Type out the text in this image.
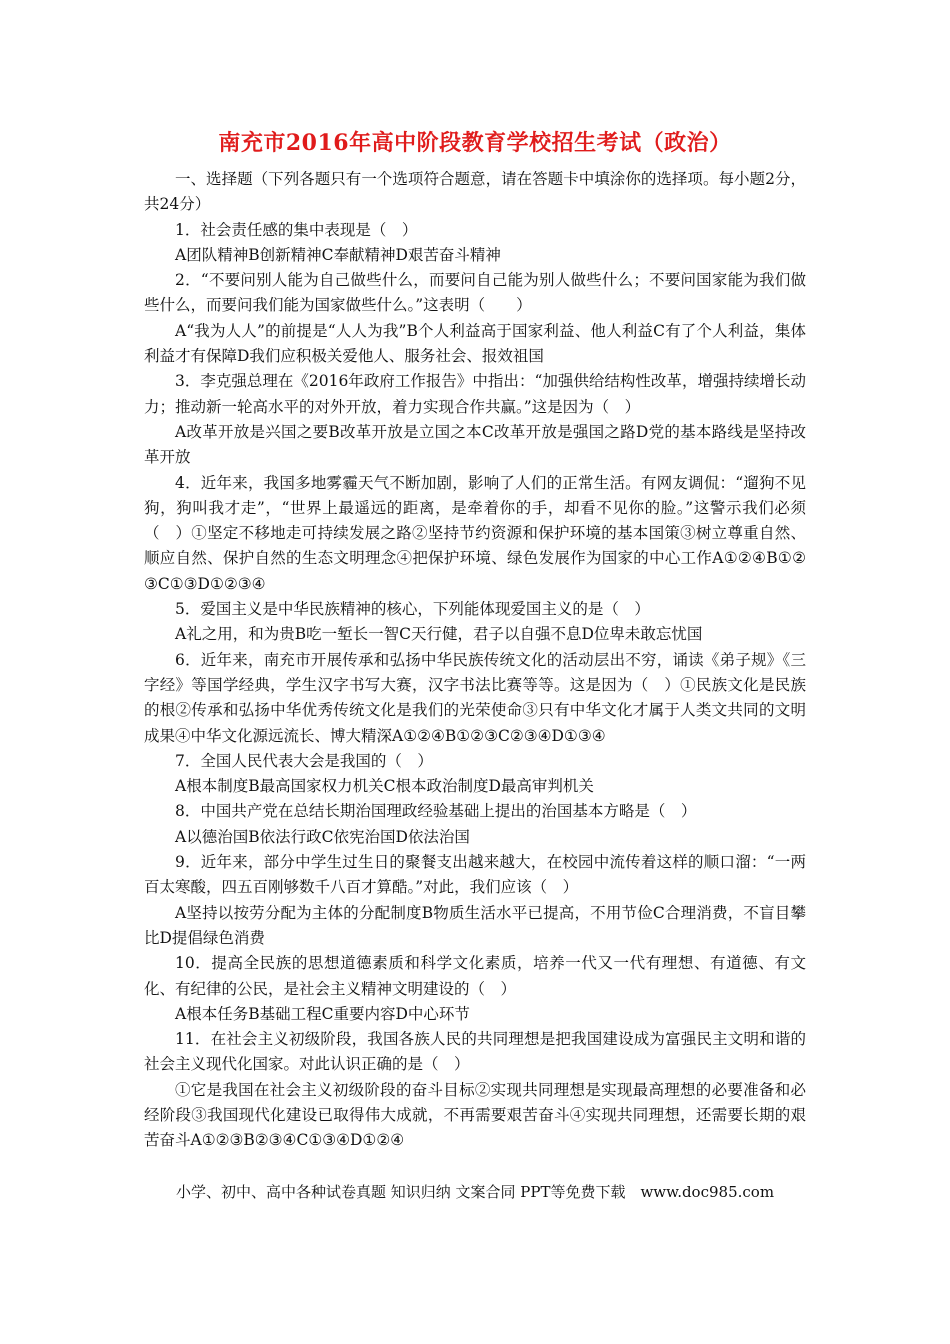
南充市2016年高中阶段教育学校招生考试（政治）

一、选择题（下列各题只有一个选项符合题意，请在答题卡中填涂你的选择项。每小题2分，共24分）

1．社会责任感的集中表现是（　）

A团队精神B创新精神C奉献精神D艰苦奋斗精神

2．“不要问别人能为自己做些什么，而要问自己能为别人做些什么；不要问国家能为我们做些什么，而要问我们能为国家做些什么。”这表明（　　）

A“我为人人”的前提是“人人为我”B个人利益高于国家利益、他人利益C有了个人利益，集体利益才有保障D我们应积极关爱他人、服务社会、报效祖国

3．李克强总理在《2016年政府工作报告》中指出：“加强供给结构性改革，增强持续增长动力；推动新一轮高水平的对外开放，着力实现合作共赢。”这是因为（　）

A改革开放是兴国之要B改革开放是立国之本C改革开放是强国之路D党的基本路线是坚持改革开放

4．近年来，我国多地雾霾天气不断加剧，影响了人们的正常生活。有网友调侃：“遛狗不见狗，狗叫我才走”，“世界上最遥远的距离，是牵着你的手，却看不见你的脸。”这警示我们必须（　）①坚定不移地走可持续发展之路②坚持节约资源和保护环境的基本国策③树立尊重自然、顺应自然、保护自然的生态文明理念④把保护环境、绿色发展作为国家的中心工作A①②④B①②③C①③D①②③④

5．爱国主义是中华民族精神的核心，下列能体现爱国主义的是（　）

A礼之用，和为贵B吃一堑长一智C天行健，君子以自强不息D位卑未敢忘忧国

6．近年来，南充市开展传承和弘扬中华民族传统文化的活动层出不穷，诵读《弟子规》《三字经》等国学经典，学生汉字书写大赛，汉字书法比赛等等。这是因为（　）①民族文化是民族的根②传承和弘扬中华优秀传统文化是我们的光荣使命③只有中华文化才属于人类文共同的文明成果④中华文化源远流长、博大精深A①②④B①②③C②③④D①③④

7．全国人民代表大会是我国的（　）

A根本制度B最高国家权力机关C根本政治制度D最高审判机关

8．中国共产党在总结长期治国理政经验基础上提出的治国基本方略是（　）

A以德治国B依法行政C依宪治国D依法治国

9．近年来，部分中学生过生日的聚餐支出越来越大，在校园中流传着这样的顺口溜：“一两百太寒酸，四五百刚够数千八百才算酷。”对此，我们应该（　）

A坚持以按劳分配为主体的分配制度B物质生活水平已提高，不用节俭C合理消费，不盲目攀比D提倡绿色消费

10．提高全民族的思想道德素质和科学文化素质，培养一代又一代有理想、有道德、有文化、有纪律的公民，是社会主义精神文明建设的（　）

A根本任务B基础工程C重要内容D中心环节

11．在社会主义初级阶段，我国各族人民的共同理想是把我国建设成为富强民主文明和谐的社会主义现代化国家。对此认识正确的是（　）

①它是我国在社会主义初级阶段的奋斗目标②实现共同理想是实现最高理想的必要准备和必经阶段③我国现代化建设已取得伟大成就，不再需要艰苦奋斗④实现共同理想，还需要长期的艰苦奋斗A①②③B②③④C①③④D①②④

小学、初中、高中各种试卷真题 知识归纳 文案合同 PPT等免费下载　www.doc985.com
